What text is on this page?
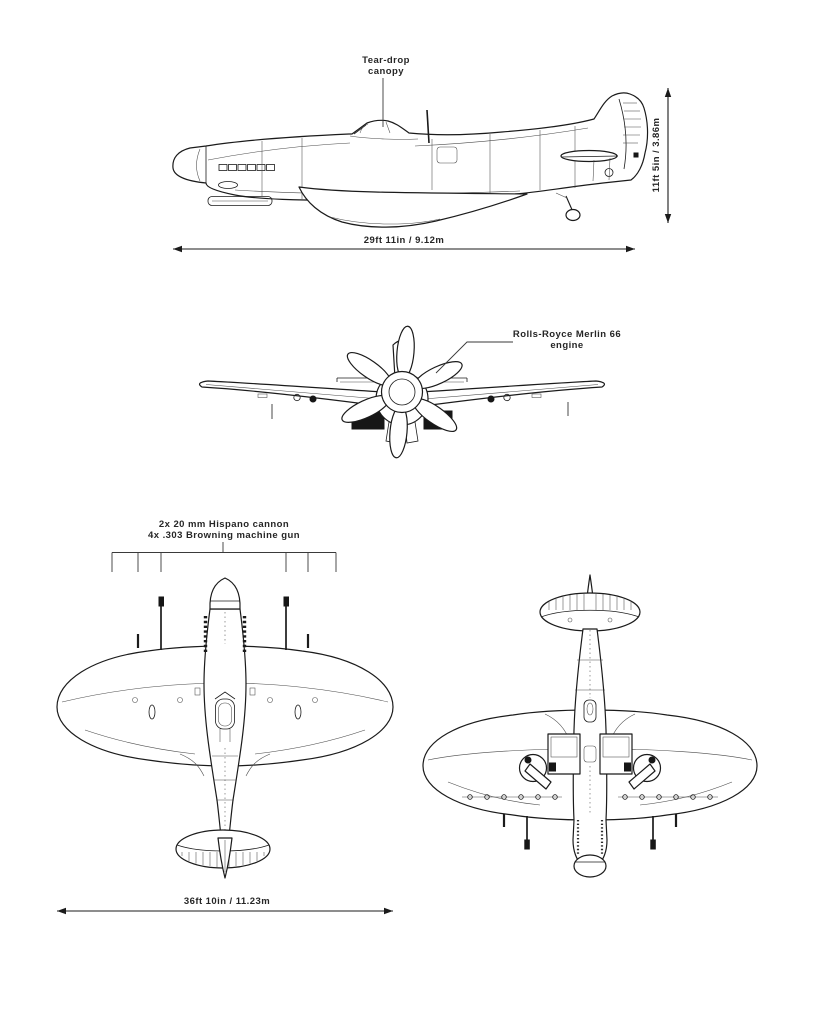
Tear-drop
canopy
Rolls-Royce Merlin 66
engine
2x 20 mm Hispano cannon
4x .303 Browning machine gun
29ft 11in / 9.12m
11ft 5in / 3.86m
36ft 10in / 11.23m
